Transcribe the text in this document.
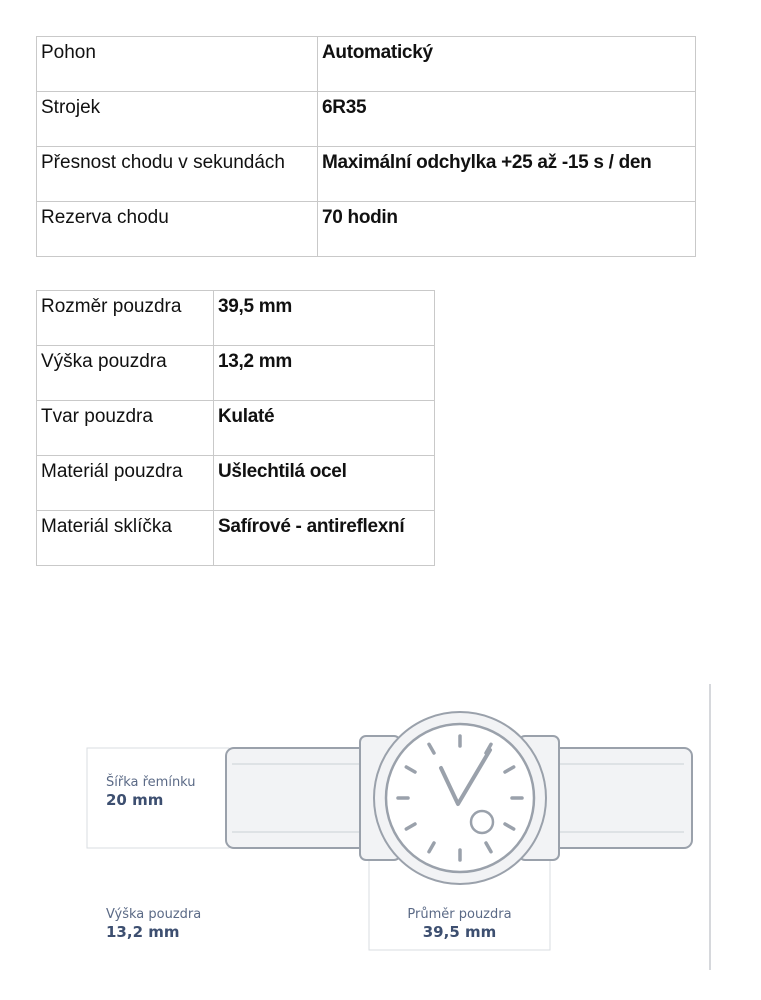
Pohon	Automatický
Strojek	6R35
Přesnost chodu v sekundách	Maximální odchylka +25 až -15 s / den
Rezerva chodu	70 hodin
Rozměr pouzdra	39,5 mm
Výška pouzdra	13,2 mm
Tvar pouzdra	Kulaté
Materiál pouzdra	Ušlechtilá ocel
Materiál sklíčka	Safírové - antireflexní
Šířka řemínku
20 mm
Výška pouzdra
13,2 mm
Průměr pouzdra
39,5 mm
